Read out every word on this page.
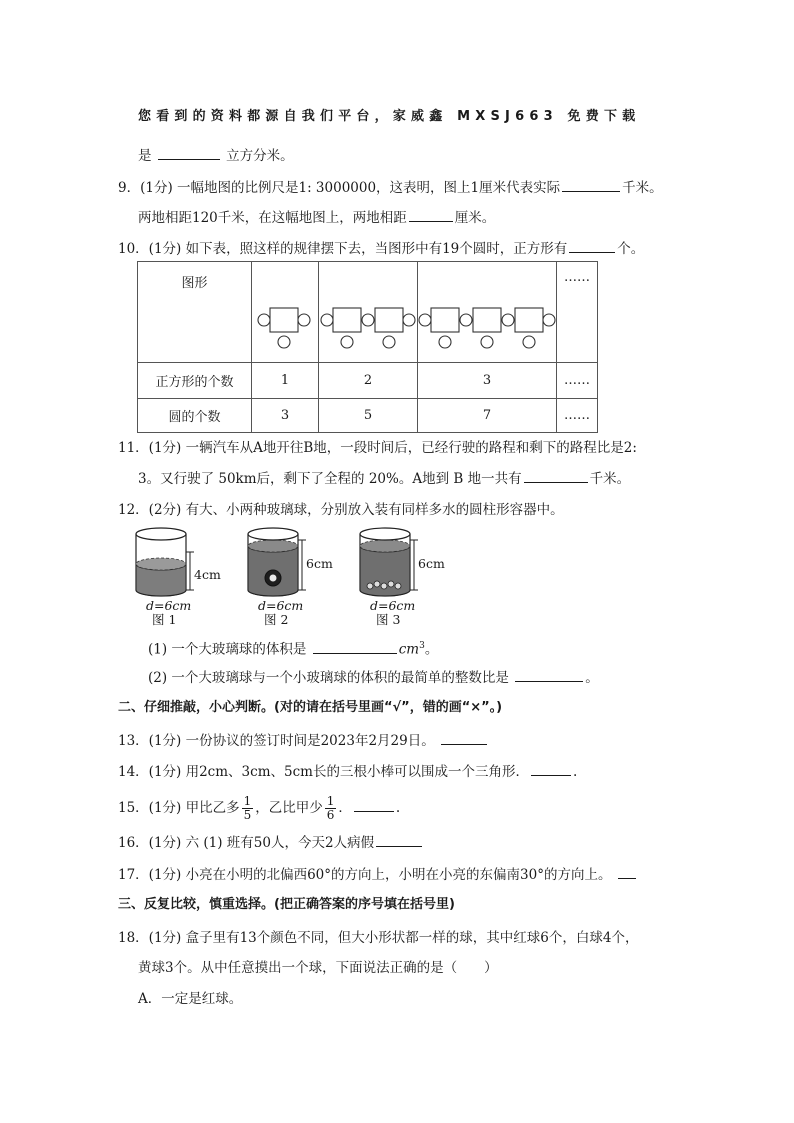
您看到的资料都源自我们平台，家威鑫 MXSJ663 免费下载
是	立方分米。
9．(1分) 一幅地图的比例尺是1: 3000000，这表明，图上1厘米代表实际	千米。
两地相距120千米，在这幅地图上，两地相距	厘米。
10．(1分) 如下表，照这样的规律摆下去，当图形中有19个圆时，正方形有	个。
图形				……
正方形的个数	1	2	3	……
圆的个数	3	5	7	……
11．(1分) 一辆汽车从A地开往B地，一段时间后，已经行驶的路程和剩下的路程比是2:
3。又行驶了 50km后，剩下了全程的 20%。A地到 B 地一共有	千米。
12．(2分) 有大、小两种玻璃球，分别放入装有同样多水的圆柱形容器中。
4cm
d=6cm
图 1
6cm
d=6cm
图 2
6cm
d=6cm
图 3
(1) 一个大玻璃球的体积是	$cm^3$。
(2) 一个大玻璃球与一个小玻璃球的体积的最简单的整数比是	。
二、仔细推敲，小心判断。(对的请在括号里画“√”，错的画“×”。)
13．(1分) 一份协议的签订时间是2023年2月29日。
14．(1分) 用2cm、3cm、5cm长的三根小棒可以围成一个三角形．	.
15．(1分) 甲比乙多 $\frac{1}{5}$ ，乙比甲少 $\frac{1}{6}$ ．	.
16．(1分) 六 (1) 班有50人，今天2人病假
17．(1分) 小亮在小明的北偏西60°的方向上，小明在小亮的东偏南30°的方向上。
三、反复比较，慎重选择。(把正确答案的序号填在括号里)
18．(1分) 盒子里有13个颜色不同，但大小形状都一样的球，其中红球6个，白球4个，
黄球3个。从中任意摸出一个球，下面说法正确的是（　　）
A．一定是红球。
